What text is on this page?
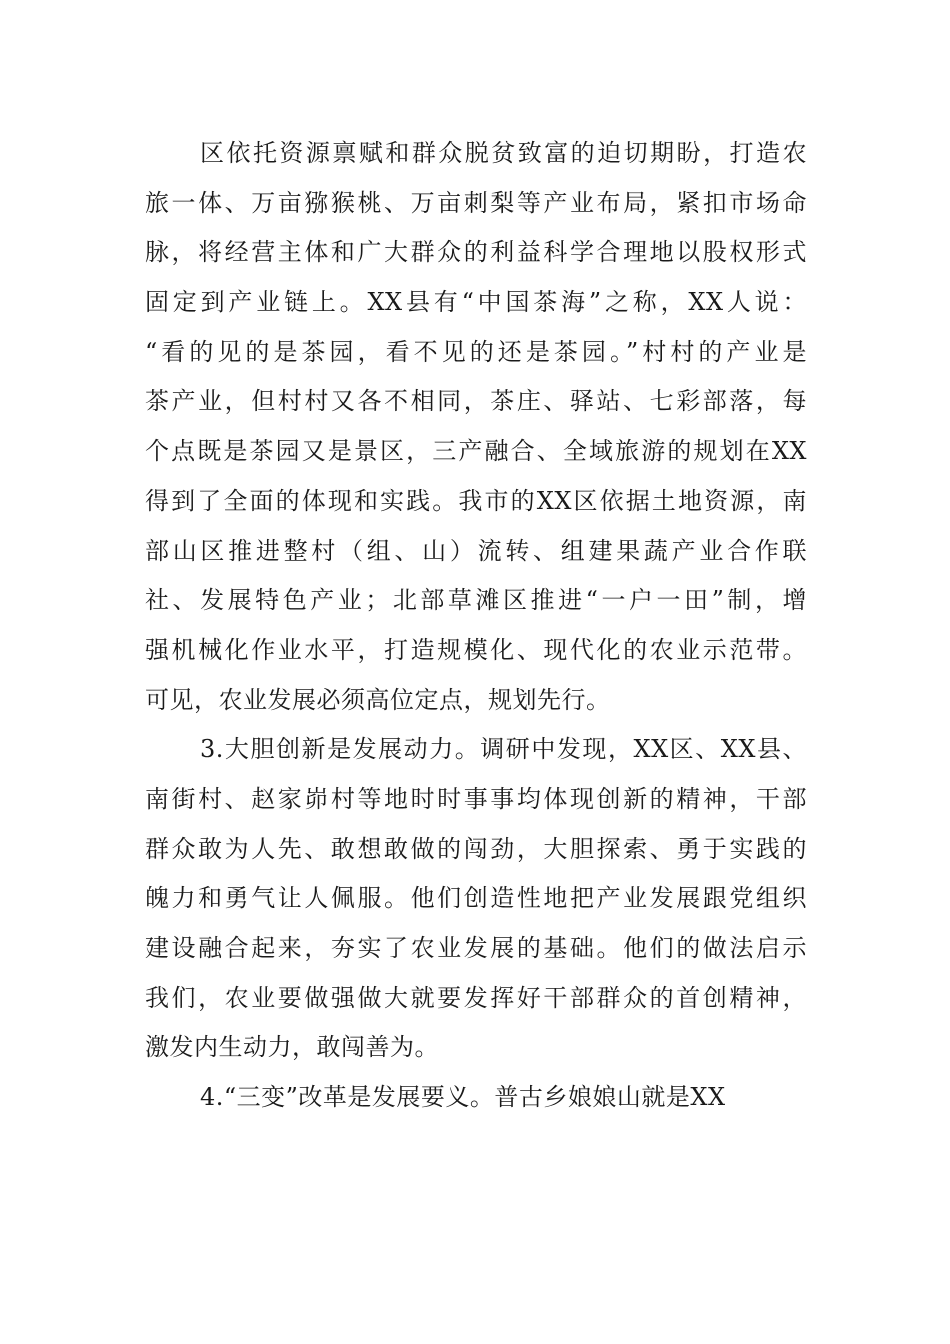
区依托资源禀赋和群众脱贫致富的迫切期盼，打造农
旅一体、万亩猕猴桃、万亩刺梨等产业布局，紧扣市场命
脉，将经营主体和广大群众的利益科学合理地以股权形式
固定到产业链上。XX县有“中国茶海”之称，XX人说：
“看的见的是茶园，看不见的还是茶园。”村村的产业是
茶产业，但村村又各不相同，茶庄、驿站、七彩部落，每
个点既是茶园又是景区，三产融合、全域旅游的规划在XX
得到了全面的体现和实践。我市的XX区依据土地资源，南
部山区推进整村（组、山）流转、组建果蔬产业合作联
社、发展特色产业；北部草滩区推进“一户一田”制，增
强机械化作业水平，打造规模化、现代化的农业示范带。
可见，农业发展必须高位定点，规划先行。
3.大胆创新是发展动力。调研中发现，XX区、XX县、
南街村、赵家峁村等地时时事事均体现创新的精神，干部
群众敢为人先、敢想敢做的闯劲，大胆探索、勇于实践的
魄力和勇气让人佩服。他们创造性地把产业发展跟党组织
建设融合起来，夯实了农业发展的基础。他们的做法启示
我们，农业要做强做大就要发挥好干部群众的首创精神，
激发内生动力，敢闯善为。
4.“三变”改革是发展要义。普古乡娘娘山就是XX
